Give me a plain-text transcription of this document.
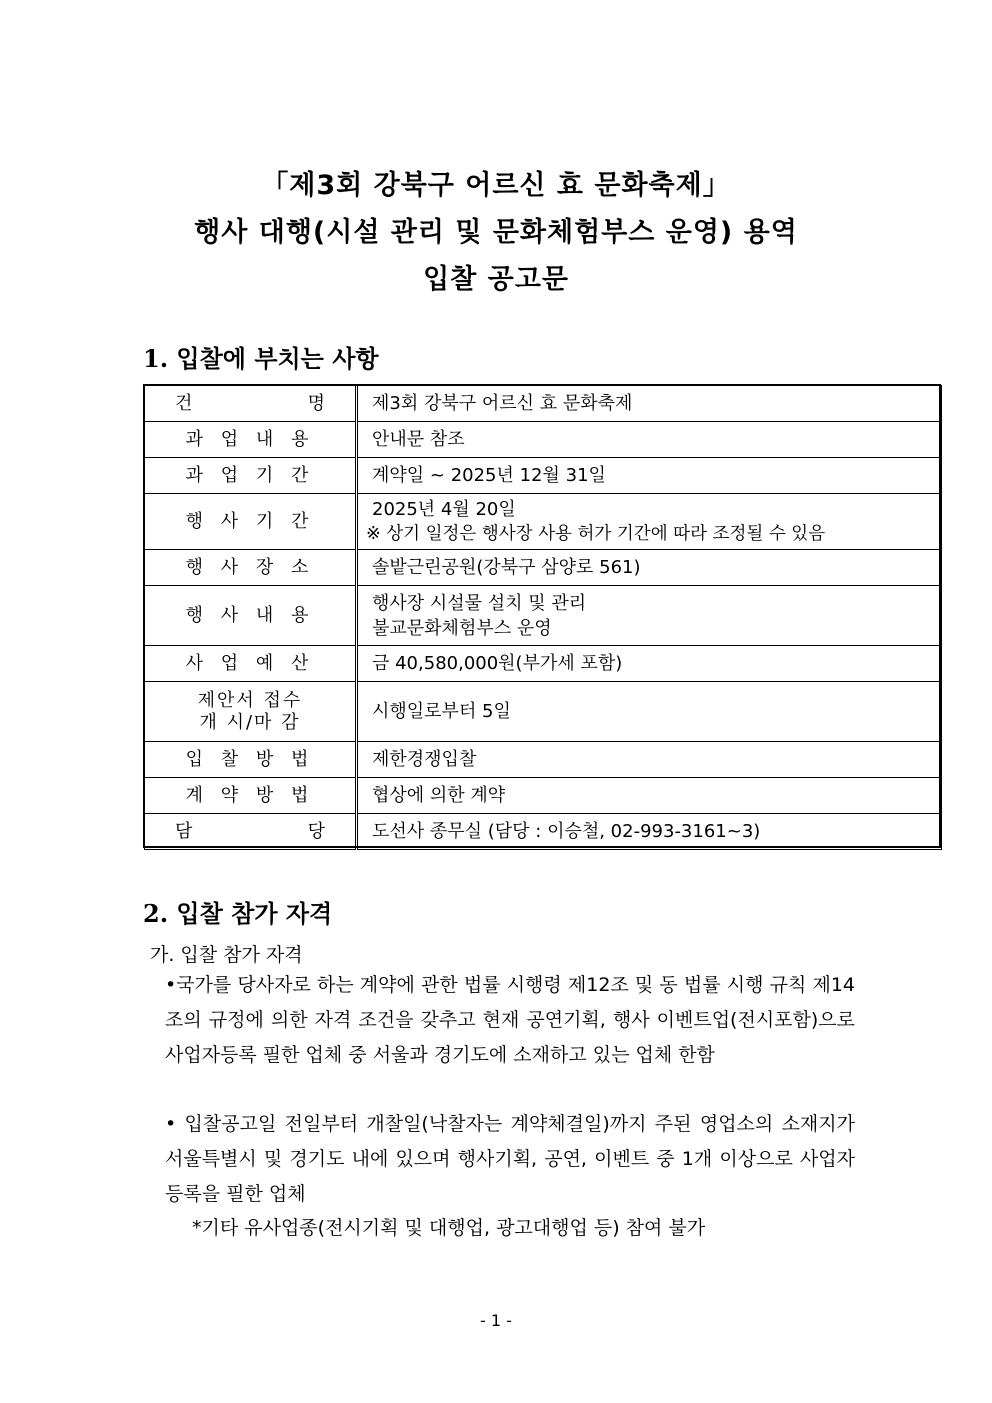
「제3회 강북구 어르신 효 문화축제」
행사 대행(시설 관리 및 문화체험부스 운영) 용역
입찰 공고문
1. 입찰에 부치는 사항
건 명	제3회 강북구 어르신 효 문화축제
과 업 내 용	안내문 참조
과 업 기 간	계약일 ~ 2025년 12월 31일
행 사 기 간	2025년 4월 20일
※ 상기 일정은 행사장 사용 허가 기간에 따라 조정될 수 있음

행 사 장 소	솔밭근린공원(강북구 삼양로 561)
행 사 내 용	행사장 시설물 설치 및 관리
불교문화체험부스 운영

사 업 예 산	금 40,580,000원(부가세 포함)

제안서 접수
개 시/마 감	시행일로부터 5일
입 찰 방 법	제한경쟁입찰
계 약 방 법	협상에 의한 계약
담 당	도선사 종무실 (담당 : 이승철, 02-993-3161~3)
2. 입찰 참가 자격
가. 입찰 참가 자격
•국가를 당사자로 하는 계약에 관한 법률 시행령 제12조 및 동 법률 시행 규칙 제14조의 규정에 의한 자격 조건을 갖추고 현재 공연기획, 행사 이벤트업(전시포함)으로 사업자등록 필한 업체 중 서울과 경기도에 소재하고 있는 업체 한함
• 입찰공고일 전일부터 개찰일(낙찰자는 계약체결일)까지 주된 영업소의 소재지가 서울특별시 및 경기도 내에 있으며 행사기획, 공연, 이벤트 중 1개 이상으로 사업자 등록을 필한 업체
*기타 유사업종(전시기획 및 대행업, 광고대행업 등) 참여 불가
- 1 -
